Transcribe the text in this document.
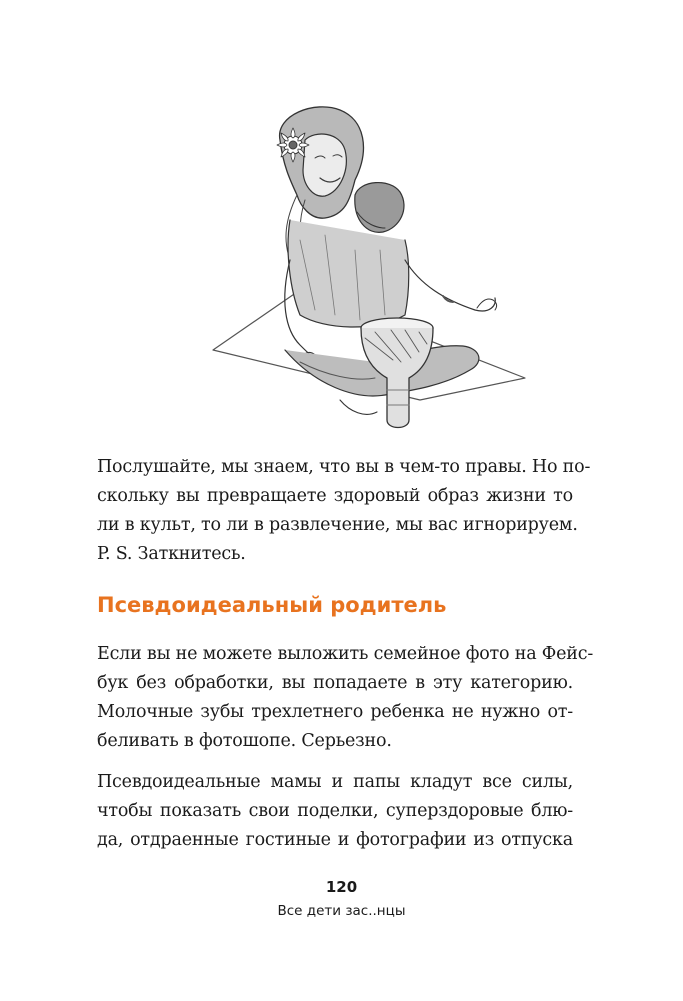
Послушайте, мы знаем, что вы в чем-то правы. Но по-
скольку вы превращаете здоровый образ жизни то
ли в культ, то ли в развлечение, мы вас игнорируем.
P. S. Заткнитесь.

Псевдоидеальный родитель

Если вы не можете выложить семейное фото на Фейс-
бук без обработки, вы попадаете в эту категорию.
Молочные зубы трехлетнего ребенка не нужно от-
беливать в фотошопе. Серьезно.

Псевдоидеальные мамы и папы кладут все силы,
чтобы показать свои поделки, суперздоровые блю-
да, отдраенные гостиные и фотографии из отпуска

120
Все дети зас..нцы
